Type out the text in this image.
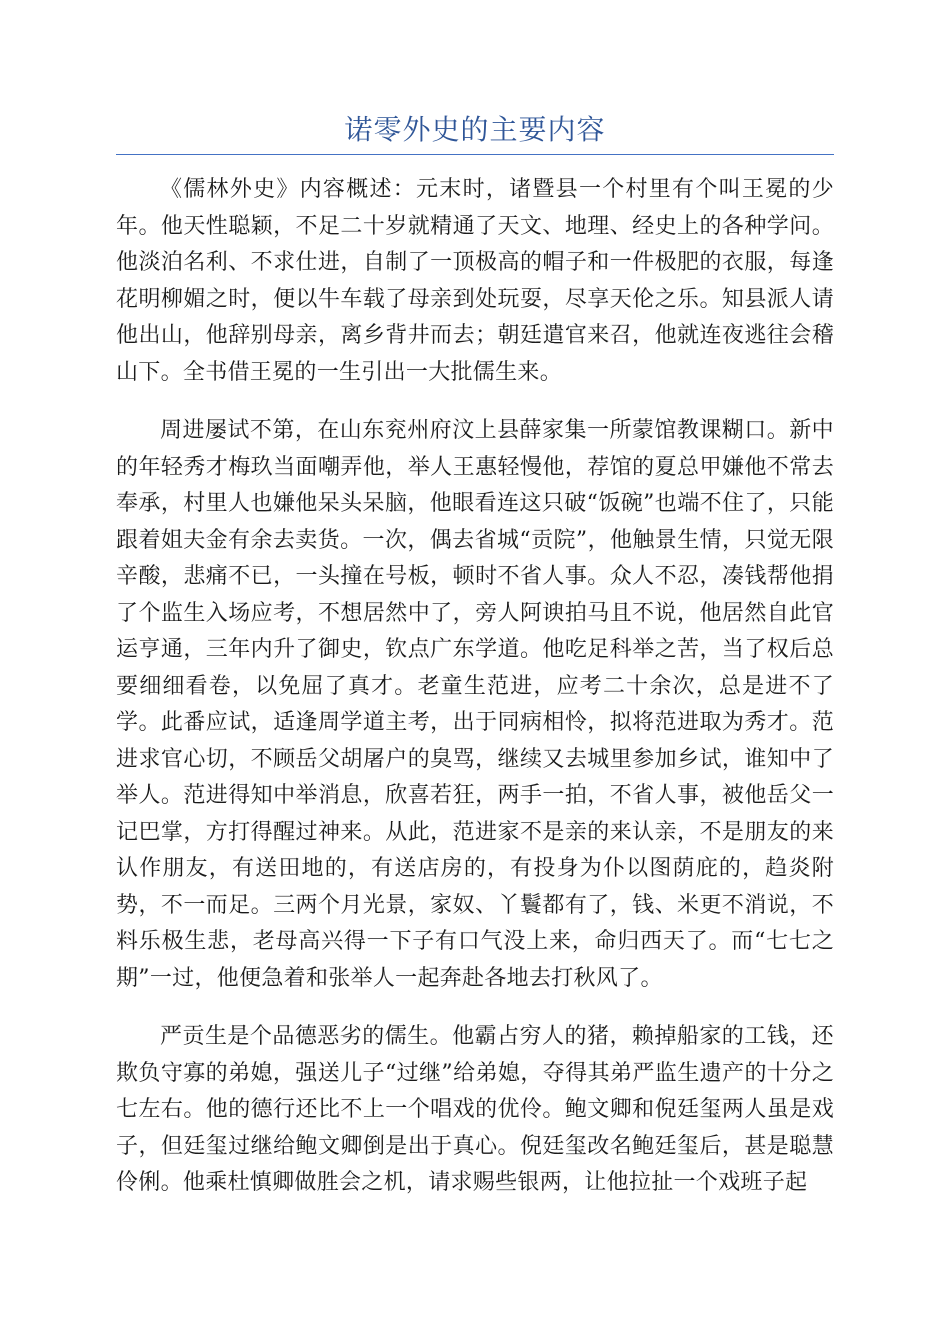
诺零外史的主要内容

《儒林外史》内容概述：元末时，诸暨县一个村里有个叫王冕的少年。他天性聪颖，不足二十岁就精通了天文、地理、经史上的各种学问。他淡泊名利、不求仕进，自制了一顶极高的帽子和一件极肥的衣服，每逢花明柳媚之时，便以牛车载了母亲到处玩耍，尽享天伦之乐。知县派人请他出山，他辞别母亲，离乡背井而去；朝廷遣官来召，他就连夜逃往会稽山下。全书借王冕的一生引出一大批儒生来。

周进屡试不第，在山东兖州府汶上县薛家集一所蒙馆教课糊口。新中的年轻秀才梅玖当面嘲弄他，举人王惠轻慢他，荐馆的夏总甲嫌他不常去奉承，村里人也嫌他呆头呆脑，他眼看连这只破“饭碗”也端不住了，只能跟着姐夫金有余去卖货。一次，偶去省城“贡院”，他触景生情，只觉无限辛酸，悲痛不已，一头撞在号板，顿时不省人事。众人不忍，凑钱帮他捐了个监生入场应考，不想居然中了，旁人阿谀拍马且不说，他居然自此官运亨通，三年内升了御史，钦点广东学道。他吃足科举之苦，当了权后总要细细看卷，以免屈了真才。老童生范进，应考二十余次，总是进不了学。此番应试，适逢周学道主考，出于同病相怜，拟将范进取为秀才。范进求官心切，不顾岳父胡屠户的臭骂，继续又去城里参加乡试，谁知中了举人。范进得知中举消息，欣喜若狂，两手一拍，不省人事，被他岳父一记巴掌，方打得醒过神来。从此，范进家不是亲的来认亲，不是朋友的来认作朋友，有送田地的，有送店房的，有投身为仆以图荫庇的，趋炎附势，不一而足。三两个月光景，家奴、丫鬟都有了，钱、米更不消说，不料乐极生悲，老母高兴得一下子有口气没上来，命归西天了。而“七七之期”一过，他便急着和张举人一起奔赴各地去打秋风了。

严贡生是个品德恶劣的儒生。他霸占穷人的猪，赖掉船家的工钱，还欺负守寡的弟媳，强送儿子“过继”给弟媳，夺得其弟严监生遗产的十分之七左右。他的德行还比不上一个唱戏的优伶。鲍文卿和倪廷玺两人虽是戏子，但廷玺过继给鲍文卿倒是出于真心。倪廷玺改名鲍廷玺后，甚是聪慧伶俐。他乘杜慎卿做胜会之机，请求赐些银两，让他拉扯一个戏班子起
